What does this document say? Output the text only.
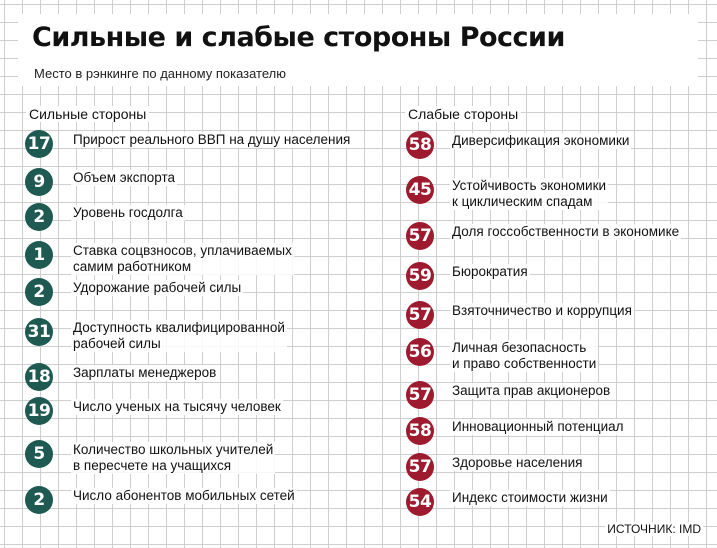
Сильные и слабые стороны России
Место в рэнкинге по данному показателю
Сильные стороны	Слабые стороны
17 Прирост реального ВВП на душу населения

9	Объем экспорта

2	Уровень госдолга

1	Ставка соцвзносов, уплачиваемых
самим работником
2	Удорожание рабочей силы

31 Доступность квалифицированной
рабочей силы
18 Зарплаты менеджеров

19 Число ученых на тысячу человек

5	Количество школьных учителей
в пересчете на учащихся
2	Число абонентов мобильных сетей

58 Диверсификация экономики

45 Устойчивость экономики
к циклическим спадам
57 Доля госсобственности в экономике

59 Бюрократия

57 Взяточничество и коррупция

56 Личная безопасность
и право собственности
57 Защита прав акционеров

58 Инновационный потенциал

57 Здоровье населения

54 Индекс стоимости жизни

ИСТОЧНИК: IMD
